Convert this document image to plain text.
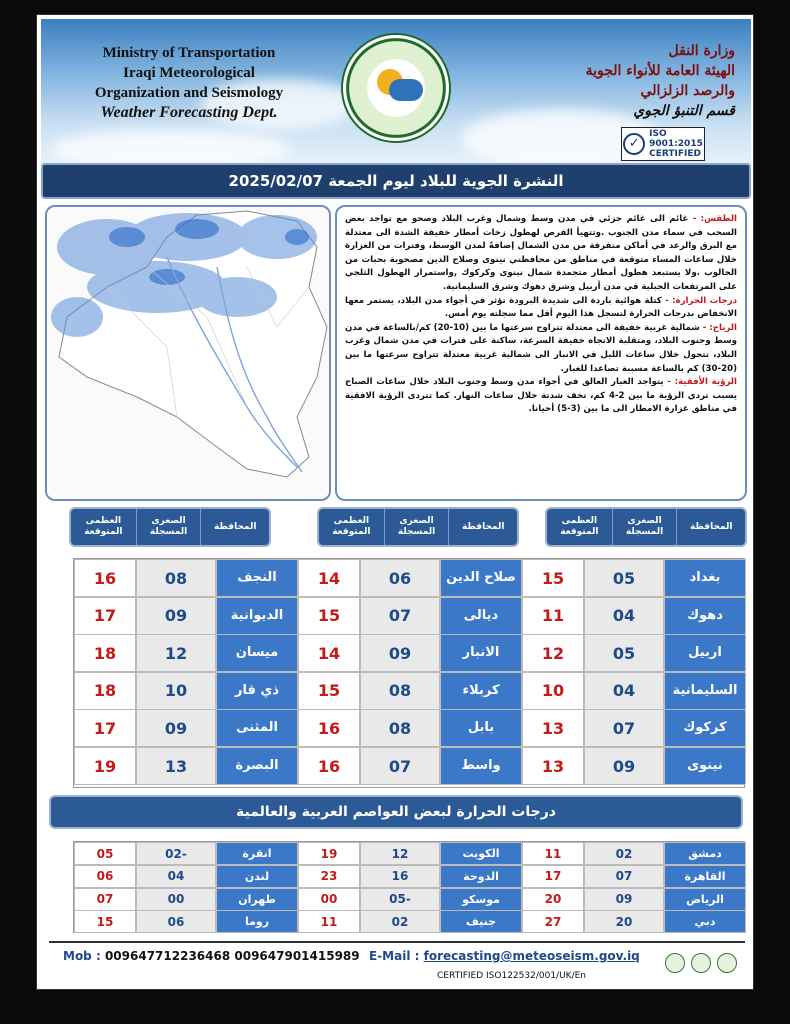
Ministry of Transportation
Iraqi Meteorological
Organization and Seismology
Weather Forecasting Dept.
وزارة النقل
الهيئة العامة للأنواء الجوية
والرصد الزلزالي
قسم التنبؤ الجوي
✓
ISO
9001:2015
CERTIFIED
النشرة الجوية للبلاد ليوم الجمعة 2025/02/07
الطقس: - غائم الى غائم جزئي في مدن وسط وشمال وغرب البلاد وصحو مع تواجد بعض السحب في سماء مدن الجنوب .وتتهيأ الفرص لهطول زخات أمطار خفيفة الشدة الى معتدلة مع البرق والرعد في أماكن متفرقة من مدن الشمال إضافةً لمدن الوسط، وفترات من الغزارة خلال ساعات المساء متوقعة في مناطق من محافظتي نينوى وصلاح الدين مصحوبة بحبات من الحالوب .ولا يستبعد هطول أمطار متجمدة شمال نينوى وكركوك ,واستمرار الهطول الثلجي على المرتفعات الجبلية في مدن أربيل وشرق دهوك وشرق السليمانية.
درجات الحرارة: - كتلة هوائية باردة الى شديدة البرودة تؤثر في أجواء مدن البلاد، يستمر معها الانخفاض بدرجات الحرارة لتسجل هذا اليوم أقل مما سجلته يوم أمس.
الرياح: - شمالية غربية خفيفة الى معتدلة تتراوح سرعتها ما بين (10-20) كم/بالساعة في مدن وسط وجنوب البلاد، ومتقلبة الاتجاه خفيفة السرعة، ساكنة على فترات في مدن شمال وغرب البلاد، تتحول خلال ساعات الليل في الانبار الى شمالية غربية معتدلة تتراوح سرعتها ما بين (20-30) كم بالساعة مسببة تصاعدا للغبار.
الرؤية الأفقية: - يتواجد الغبار العالق في أجواء مدن وسط وجنوب البلاد خلال ساعات الصباح يسبب تردي الرؤية ما بين 2-4 كم، تخف شدتة خلال ساعات النهار. كما تتردى الرؤية الافقية في مناطق غزارة الامطار الى ما بين (3-5) أحيانا.
المحافظة
الصغرى
المسجلة
العظمى
المتوقعة
المحافظة
الصغرى
المسجلة
العظمى
المتوقعة
المحافظة
الصغرى
المسجلة
العظمى
المتوقعة
بغداد
05
15
صلاح الدين
06
14
النجف
08
16
دهوك
04
11
ديالى
07
15
الديوانية
09
17
اربيل
05
12
الانبار
09
14
ميسان
12
18
السليمانية
04
10
كربلاء
08
15
ذي قار
10
18
كركوك
07
13
بابل
08
16
المثنى
09
17
نينوى
09
13
واسط
07
16
البصرة
13
19
درجات الحرارة لبعض العواصم العربية والعالمية
دمشق
02
11
الكويت
12
19
انقرة
-02
05
القاهرة
07
17
الدوحة
16
23
لندن
04
06
الرياض
09
20
موسكو
-05
00
طهران
00
07
دبي
20
27
جنيف
02
11
روما
06
15
Mob : 009647712236468 009647901415989 E-Mail : forecasting@meteoseism.gov.iq
CERTIFIED ISO122532/001/UK/En
